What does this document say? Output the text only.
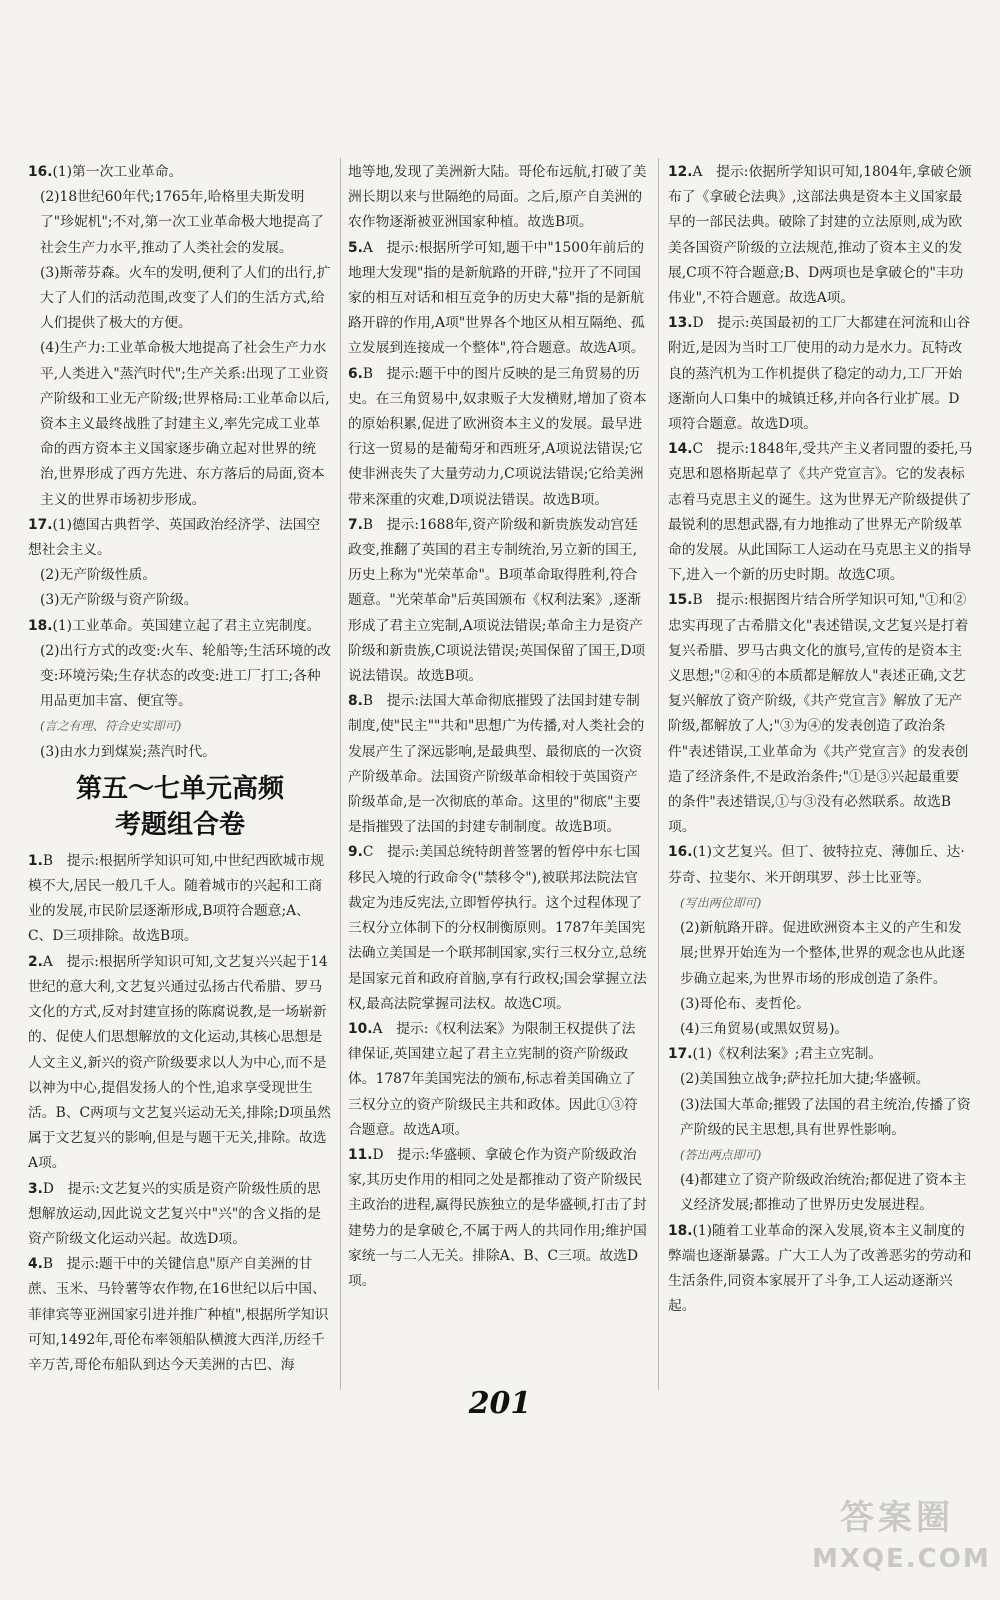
16.(1)第一次工业革命。

(2)18世纪60年代;1765年,哈格里夫斯发明了"珍妮机";不对,第一次工业革命极大地提高了社会生产力水平,推动了人类社会的发展。

(3)斯蒂芬森。火车的发明,便利了人们的出行,扩大了人们的活动范围,改变了人们的生活方式,给人们提供了极大的方便。

(4)生产力:工业革命极大地提高了社会生产力水平,人类进入"蒸汽时代";生产关系:出现了工业资产阶级和工业无产阶级;世界格局:工业革命以后,资本主义最终战胜了封建主义,率先完成工业革命的西方资本主义国家逐步确立起对世界的统治,世界形成了西方先进、东方落后的局面,资本主义的世界市场初步形成。

17.(1)德国古典哲学、英国政治经济学、法国空想社会主义。

(2)无产阶级性质。

(3)无产阶级与资产阶级。

18.(1)工业革命。英国建立起了君主立宪制度。

(2)出行方式的改变:火车、轮船等;生活环境的改变:环境污染;生存状态的改变:进工厂打工;各种用品更加丰富、便宜等。

(言之有理、符合史实即可)

(3)由水力到煤炭;蒸汽时代。

第五～七单元高频
考题组合卷

1.B　提示:根据所学知识可知,中世纪西欧城市规模不大,居民一般几千人。随着城市的兴起和工商业的发展,市民阶层逐渐形成,B项符合题意;A、C、D三项排除。故选B项。

2.A　提示:根据所学知识可知,文艺复兴兴起于14世纪的意大利,文艺复兴通过弘扬古代希腊、罗马文化的方式,反对封建宣扬的陈腐说教,是一场崭新的、促使人们思想解放的文化运动,其核心思想是人文主义,新兴的资产阶级要求以人为中心,而不是以神为中心,提倡发扬人的个性,追求享受现世生活。B、C两项与文艺复兴运动无关,排除;D项虽然属于文艺复兴的影响,但是与题干无关,排除。故选A项。

3.D　提示:文艺复兴的实质是资产阶级性质的思想解放运动,因此说文艺复兴中"兴"的含义指的是资产阶级文化运动兴起。故选D项。

4.B　提示:题干中的关键信息"原产自美洲的甘蔗、玉米、马铃薯等农作物,在16世纪以后中国、菲律宾等亚洲国家引进并推广种植",根据所学知识可知,1492年,哥伦布率领船队横渡大西洋,历经千辛万苦,哥伦布船队到达今天美洲的古巴、海

地等地,发现了美洲新大陆。哥伦布远航,打破了美洲长期以来与世隔绝的局面。之后,原产自美洲的农作物逐渐被亚洲国家种植。故选B项。

5.A　提示:根据所学可知,题干中"1500年前后的地理大发现"指的是新航路的开辟,"拉开了不同国家的相互对话和相互竞争的历史大幕"指的是新航路开辟的作用,A项"世界各个地区从相互隔绝、孤立发展到连接成一个整体",符合题意。故选A项。

6.B　提示:题干中的图片反映的是三角贸易的历史。在三角贸易中,奴隶贩子大发横财,增加了资本的原始积累,促进了欧洲资本主义的发展。最早进行这一贸易的是葡萄牙和西班牙,A项说法错误;它使非洲丧失了大量劳动力,C项说法错误;它给美洲带来深重的灾难,D项说法错误。故选B项。

7.B　提示:1688年,资产阶级和新贵族发动宫廷政变,推翻了英国的君主专制统治,另立新的国王,历史上称为"光荣革命"。B项革命取得胜利,符合题意。"光荣革命"后英国颁布《权利法案》,逐渐形成了君主立宪制,A项说法错误;革命主力是资产阶级和新贵族,C项说法错误;英国保留了国王,D项说法错误。故选B项。

8.B　提示:法国大革命彻底摧毁了法国封建专制制度,使"民主""共和"思想广为传播,对人类社会的发展产生了深远影响,是最典型、最彻底的一次资产阶级革命。法国资产阶级革命相较于英国资产阶级革命,是一次彻底的革命。这里的"彻底"主要是指摧毁了法国的封建专制制度。故选B项。

9.C　提示:美国总统特朗普签署的暂停中东七国移民入境的行政命令("禁移令"),被联邦法院法官裁定为违反宪法,立即暂停执行。这个过程体现了三权分立体制下的分权制衡原则。1787年美国宪法确立美国是一个联邦制国家,实行三权分立,总统是国家元首和政府首脑,享有行政权;国会掌握立法权,最高法院掌握司法权。故选C项。

10.A　提示:《权利法案》为限制王权提供了法律保证,英国建立起了君主立宪制的资产阶级政体。1787年美国宪法的颁布,标志着美国确立了三权分立的资产阶级民主共和政体。因此①③符合题意。故选A项。

11.D　提示:华盛顿、拿破仑作为资产阶级政治家,其历史作用的相同之处是都推动了资产阶级民主政治的进程,赢得民族独立的是华盛顿,打击了封建势力的是拿破仑,不属于两人的共同作用;维护国家统一与二人无关。排除A、B、C三项。故选D项。

12.A　提示:依据所学知识可知,1804年,拿破仑颁布了《拿破仑法典》,这部法典是资本主义国家最早的一部民法典。破除了封建的立法原则,成为欧美各国资产阶级的立法规范,推动了资本主义的发展,C项不符合题意;B、D两项也是拿破仑的"丰功伟业",不符合题意。故选A项。

13.D　提示:英国最初的工厂大都建在河流和山谷附近,是因为当时工厂使用的动力是水力。瓦特改良的蒸汽机为工作机提供了稳定的动力,工厂开始逐渐向人口集中的城镇迁移,并向各行业扩展。D项符合题意。故选D项。

14.C　提示:1848年,受共产主义者同盟的委托,马克思和恩格斯起草了《共产党宣言》。它的发表标志着马克思主义的诞生。这为世界无产阶级提供了最锐利的思想武器,有力地推动了世界无产阶级革命的发展。从此国际工人运动在马克思主义的指导下,进入一个新的历史时期。故选C项。

15.B　提示:根据图片结合所学知识可知,"①和②忠实再现了古希腊文化"表述错误,文艺复兴是打着复兴希腊、罗马古典文化的旗号,宣传的是资本主义思想;"②和④的本质都是解放人"表述正确,文艺复兴解放了资产阶级,《共产党宣言》解放了无产阶级,都解放了人;"③为④的发表创造了政治条件"表述错误,工业革命为《共产党宣言》的发表创造了经济条件,不是政治条件;"①是③兴起最重要的条件"表述错误,①与③没有必然联系。故选B项。

16.(1)文艺复兴。但丁、彼特拉克、薄伽丘、达·芬奇、拉斐尔、米开朗琪罗、莎士比亚等。

(写出两位即可)

(2)新航路开辟。促进欧洲资本主义的产生和发展;世界开始连为一个整体,世界的观念也从此逐步确立起来,为世界市场的形成创造了条件。

(3)哥伦布、麦哲伦。

(4)三角贸易(或黑奴贸易)。

17.(1)《权利法案》;君主立宪制。

(2)美国独立战争;萨拉托加大捷;华盛顿。

(3)法国大革命;摧毁了法国的君主统治,传播了资产阶级的民主思想,具有世界性影响。

(答出两点即可)

(4)都建立了资产阶级政治统治;都促进了资本主义经济发展;都推动了世界历史发展进程。

18.(1)随着工业革命的深入发展,资本主义制度的弊端也逐渐暴露。广大工人为了改善恶劣的劳动和生活条件,同资本家展开了斗争,工人运动逐渐兴起。

201
答案圈
MXQE.COM
